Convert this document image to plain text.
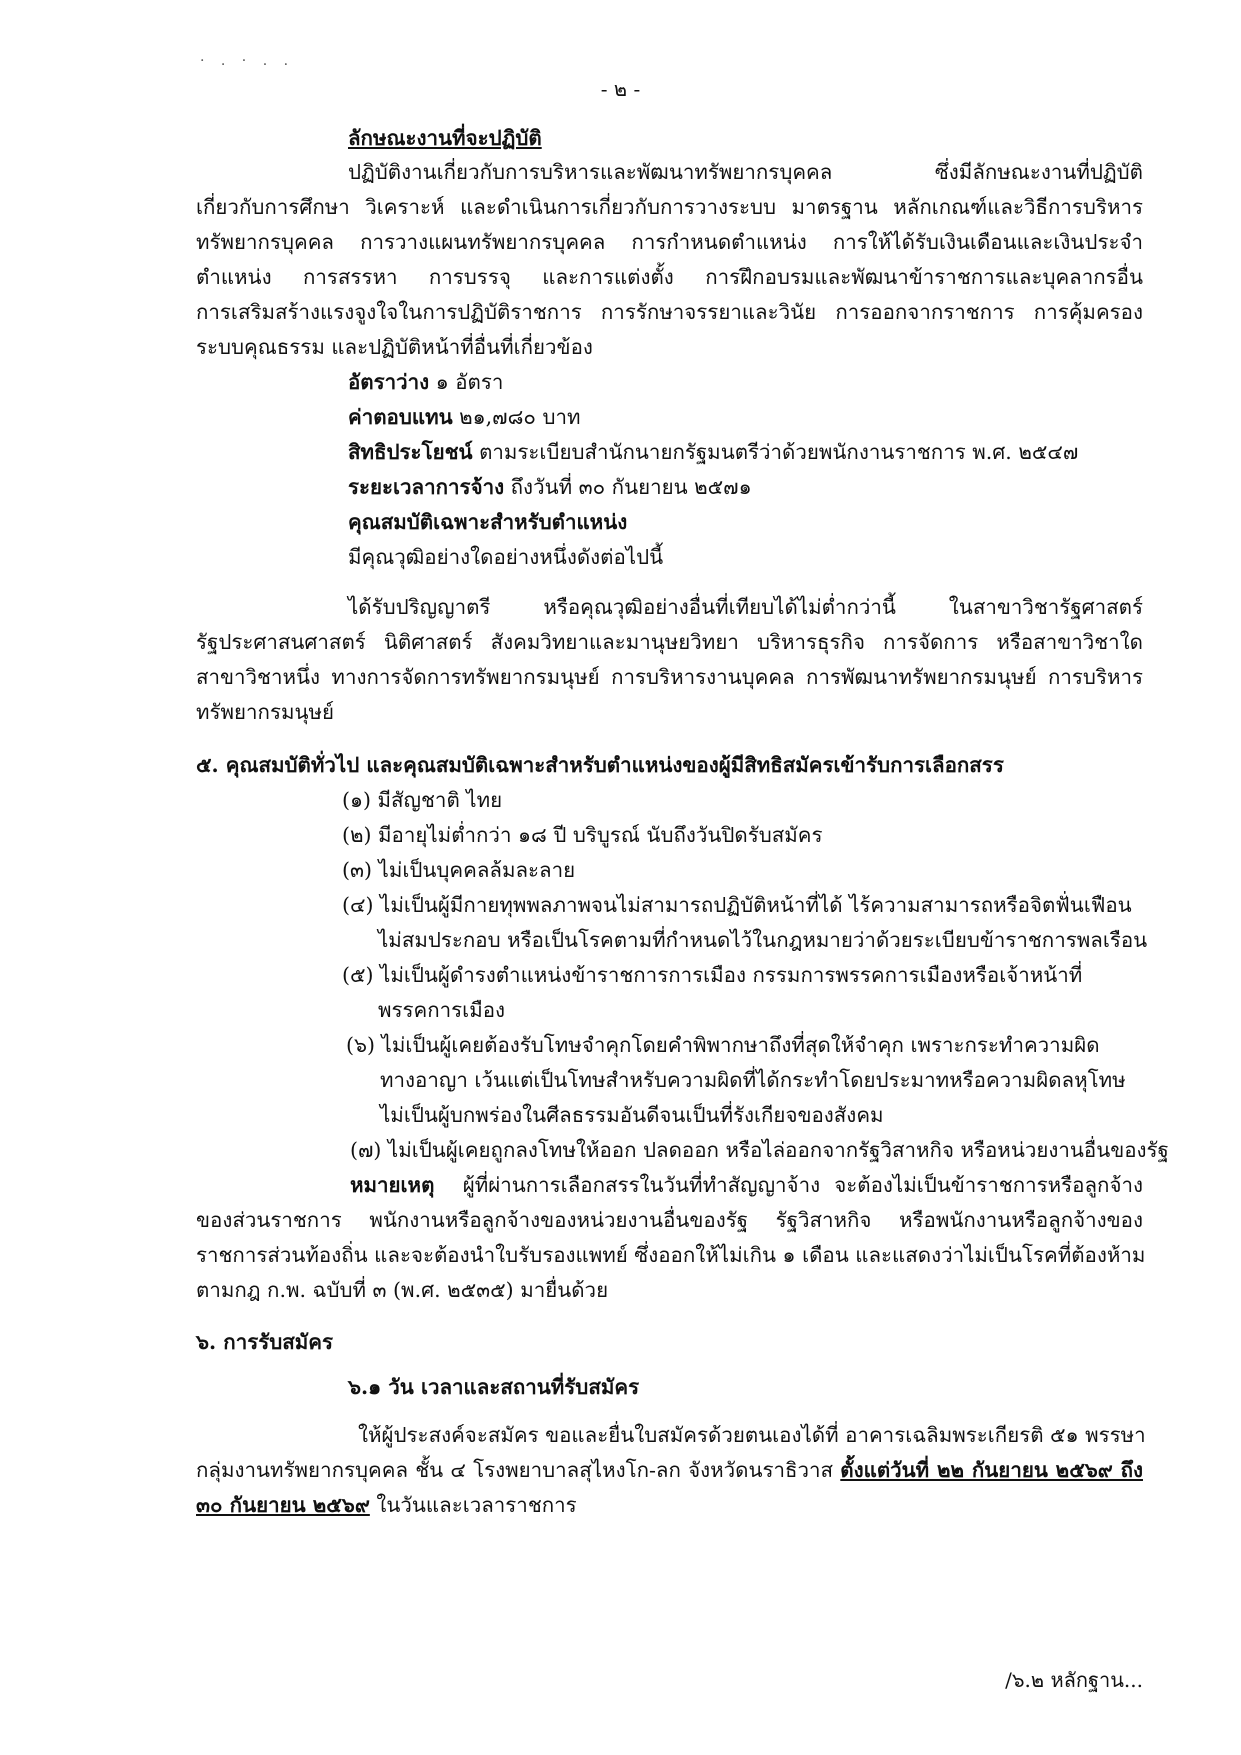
· . · . .
- ๒ -
ลักษณะงานที่จะปฏิบัติ
ปฏิบัติงานเกี่ยวกับการบริหารและพัฒนาทรัพยากรบุคคล ซึ่งมีลักษณะงานที่ปฏิบัติ
เกี่ยวกับการศึกษา วิเคราะห์ และดำเนินการเกี่ยวกับการวางระบบ มาตรฐาน หลักเกณฑ์และวิธีการบริหาร
ทรัพยากรบุคคล การวางแผนทรัพยากรบุคคล การกำหนดตำแหน่ง การให้ได้รับเงินเดือนและเงินประจำ
ตำแหน่ง การสรรหา การบรรจุ และการแต่งตั้ง การฝึกอบรมและพัฒนาข้าราชการและบุคลากรอื่น
การเสริมสร้างแรงจูงใจในการปฏิบัติราชการ การรักษาจรรยาและวินัย การออกจากราชการ การคุ้มครอง
ระบบคุณธรรม และปฏิบัติหน้าที่อื่นที่เกี่ยวข้อง
อัตราว่าง ๑ อัตรา
ค่าตอบแทน ๒๑,๗๘๐ บาท
สิทธิประโยชน์ ตามระเบียบสำนักนายกรัฐมนตรีว่าด้วยพนักงานราชการ พ.ศ. ๒๕๔๗
ระยะเวลาการจ้าง ถึงวันที่ ๓๐ กันยายน ๒๕๗๑
คุณสมบัติเฉพาะสำหรับตำแหน่ง
มีคุณวุฒิอย่างใดอย่างหนึ่งดังต่อไปนี้
ได้รับปริญญาตรี หรือคุณวุฒิอย่างอื่นที่เทียบได้ไม่ต่ำกว่านี้ ในสาขาวิชารัฐศาสตร์
รัฐประศาสนศาสตร์ นิติศาสตร์ สังคมวิทยาและมานุษยวิทยา บริหารธุรกิจ การจัดการ หรือสาขาวิชาใด
สาขาวิชาหนึ่ง ทางการจัดการทรัพยากรมนุษย์ การบริหารงานบุคคล การพัฒนาทรัพยากรมนุษย์ การบริหาร
ทรัพยากรมนุษย์
๕. คุณสมบัติทั่วไป และคุณสมบัติเฉพาะสำหรับตำแหน่งของผู้มีสิทธิสมัครเข้ารับการเลือกสรร
(๑) มีสัญชาติ ไทย
(๒) มีอายุไม่ต่ำกว่า ๑๘ ปี บริบูรณ์ นับถึงวันปิดรับสมัคร
(๓) ไม่เป็นบุคคลล้มละลาย
(๔) ไม่เป็นผู้มีกายทุพพลภาพจนไม่สามารถปฏิบัติหน้าที่ได้ ไร้ความสามารถหรือจิตฟั่นเฟือน
ไม่สมประกอบ หรือเป็นโรคตามที่กำหนดไว้ในกฎหมายว่าด้วยระเบียบข้าราชการพลเรือน
(๕) ไม่เป็นผู้ดำรงตำแหน่งข้าราชการการเมือง กรรมการพรรคการเมืองหรือเจ้าหน้าที่
พรรคการเมือง
(๖) ไม่เป็นผู้เคยต้องรับโทษจำคุกโดยคำพิพากษาถึงที่สุดให้จำคุก เพราะกระทำความผิด
ทางอาญา เว้นแต่เป็นโทษสำหรับความผิดที่ได้กระทำโดยประมาทหรือความผิดลหุโทษ
ไม่เป็นผู้บกพร่องในศีลธรรมอันดีจนเป็นที่รังเกียจของสังคม
(๗) ไม่เป็นผู้เคยถูกลงโทษให้ออก ปลดออก หรือไล่ออกจากรัฐวิสาหกิจ หรือหน่วยงานอื่นของรัฐ
หมายเหตุ ผู้ที่ผ่านการเลือกสรรในวันที่ทำสัญญาจ้าง จะต้องไม่เป็นข้าราชการหรือลูกจ้าง
ของส่วนราชการ พนักงานหรือลูกจ้างของหน่วยงานอื่นของรัฐ รัฐวิสาหกิจ หรือพนักงานหรือลูกจ้างของ
ราชการส่วนท้องถิ่น และจะต้องนำใบรับรองแพทย์ ซึ่งออกให้ไม่เกิน ๑ เดือน และแสดงว่าไม่เป็นโรคที่ต้องห้าม
ตามกฎ ก.พ. ฉบับที่ ๓ (พ.ศ. ๒๕๓๕) มายื่นด้วย
๖. การรับสมัคร
๖.๑ วัน เวลาและสถานที่รับสมัคร
ให้ผู้ประสงค์จะสมัคร ขอและยื่นใบสมัครด้วยตนเองได้ที่ อาคารเฉลิมพระเกียรติ ๕๑ พรรษา
กลุ่มงานทรัพยากรบุคคล ชั้น ๔ โรงพยาบาลสุไหงโก-ลก จังหวัดนราธิวาส ตั้งแต่วันที่ ๒๒ กันยายน ๒๕๖๙ ถึง
๓๐ กันยายน ๒๕๖๙ ในวันและเวลาราชการ
/๖.๒ หลักฐาน...
